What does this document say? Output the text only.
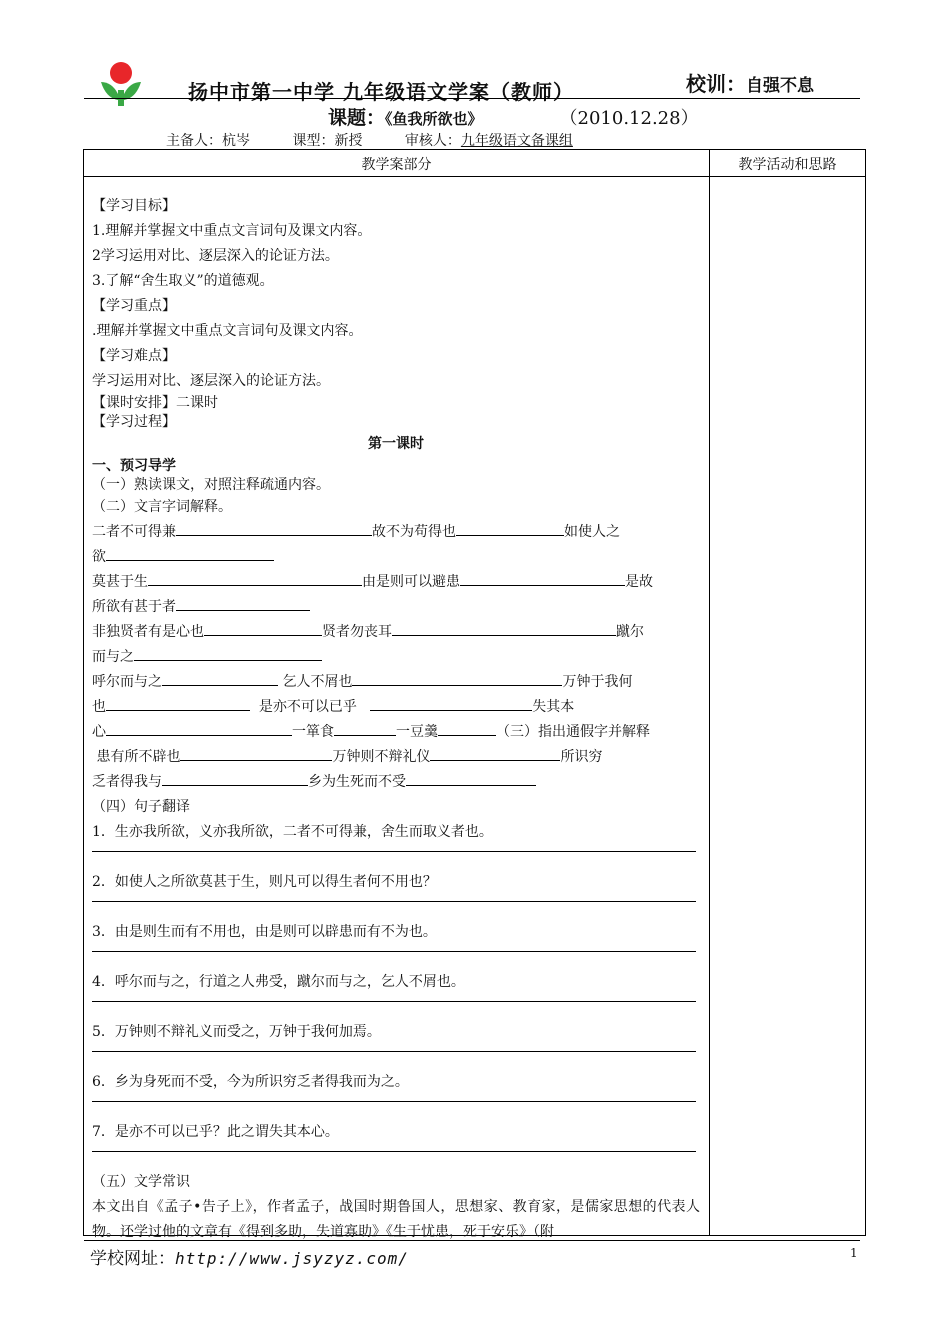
扬中市第一中学 九年级语文学案（教师）	校训：自强不息
课题：《鱼我所欲也》	（2010.12.28）
主备人：杭岑	课型：新授	审核人：九年级语文备课组
教学案部分	教学活动和思路
【学习目标】
1.理解并掌握文中重点文言词句及课文内容。
2学习运用对比、逐层深入的论证方法。
3.了解“舍生取义”的道德观。
【学习重点】
.理解并掌握文中重点文言词句及课文内容。
【学习难点】
学习运用对比、逐层深入的论证方法。
【课时安排】二课时
【学习过程】
第一课时
一、预习导学
（一）熟读课文，对照注释疏通内容。
（二）文言字词解释。
二者不可得兼	故不为苟得也	如使人之
欲
莫甚于生	由是则可以避患	是故
所欲有甚于者
非独贤者有是心也	贤者勿丧耳	蹴尔
而与之
呼尔而与之	乞人不屑也	万钟于我何
也	是亦不可以已乎	失其本
心	一箪食	一豆羹	（三）指出通假字并解释
患有所不辟也	万钟则不辩礼仪	所识穷
乏者得我与	乡为生死而不受
（四）句子翻译
1．生亦我所欲，义亦我所欲，二者不可得兼，舍生而取义者也。
2．如使人之所欲莫甚于生，则凡可以得生者何不用也？
3．由是则生而有不用也，由是则可以辟患而有不为也。
4．呼尔而与之，行道之人弗受，蹴尔而与之，乞人不屑也。
5．万钟则不辩礼义而受之，万钟于我何加焉。
6．乡为身死而不受，今为所识穷乏者得我而为之。
7．是亦不可以已乎？此之谓失其本心。
（五）文学常识
本文出自《孟子•告子上》，作者孟子，战国时期鲁国人，思想家、教育家，是儒家思想的代表人物。还学过他的文章有《得到多助，失道寡助》《生于忧患，死于安乐》（附
学校网址：http://www.jsyzyz.com/	1
